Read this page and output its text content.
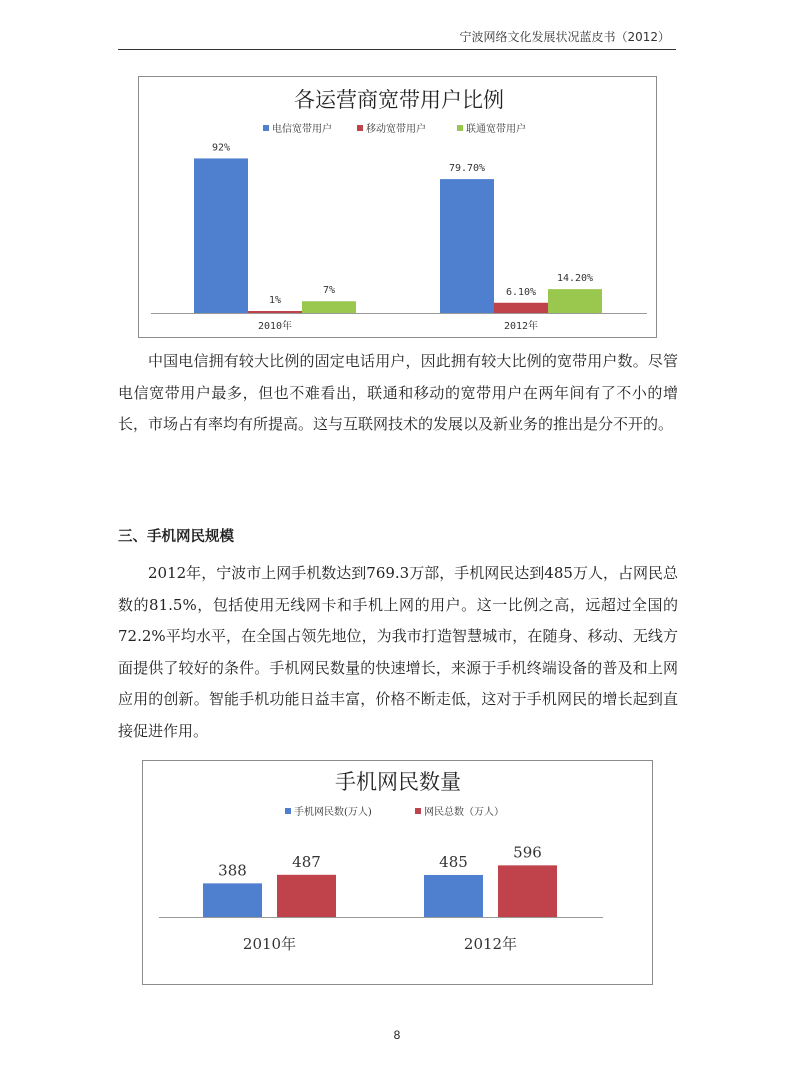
宁波网络文化发展状况蓝皮书（2012）
各运营商宽带用户比例
电信宽带用户	移动宽带用户	联通宽带用户
92%
1%
7%
2010年
79.70%
6.10%
14.20%
2012年

中国电信拥有较大比例的固定电话用户，因此拥有较大比例的宽带用户数。尽管电信宽带用户最多，但也不难看出，联通和移动的宽带用户在两年间有了不小的增长，市场占有率均有所提高。这与互联网技术的发展以及新业务的推出是分不开的。

三、手机网民规模

2012年，宁波市上网手机数达到769.3万部，手机网民达到485万人，占网民总数的81.5%，包括使用无线网卡和手机上网的用户。这一比例之高，远超过全国的72.2%平均水平，在全国占领先地位，为我市打造智慧城市，在随身、移动、无线方面提供了较好的条件。手机网民数量的快速增长，来源于手机终端设备的普及和上网应用的创新。智能手机功能日益丰富，价格不断走低，这对于手机网民的增长起到直接促进作用。

手机网民数量
手机网民数(万人)	网民总数（万人）
388	487
2010年
485
596
2012年
8
